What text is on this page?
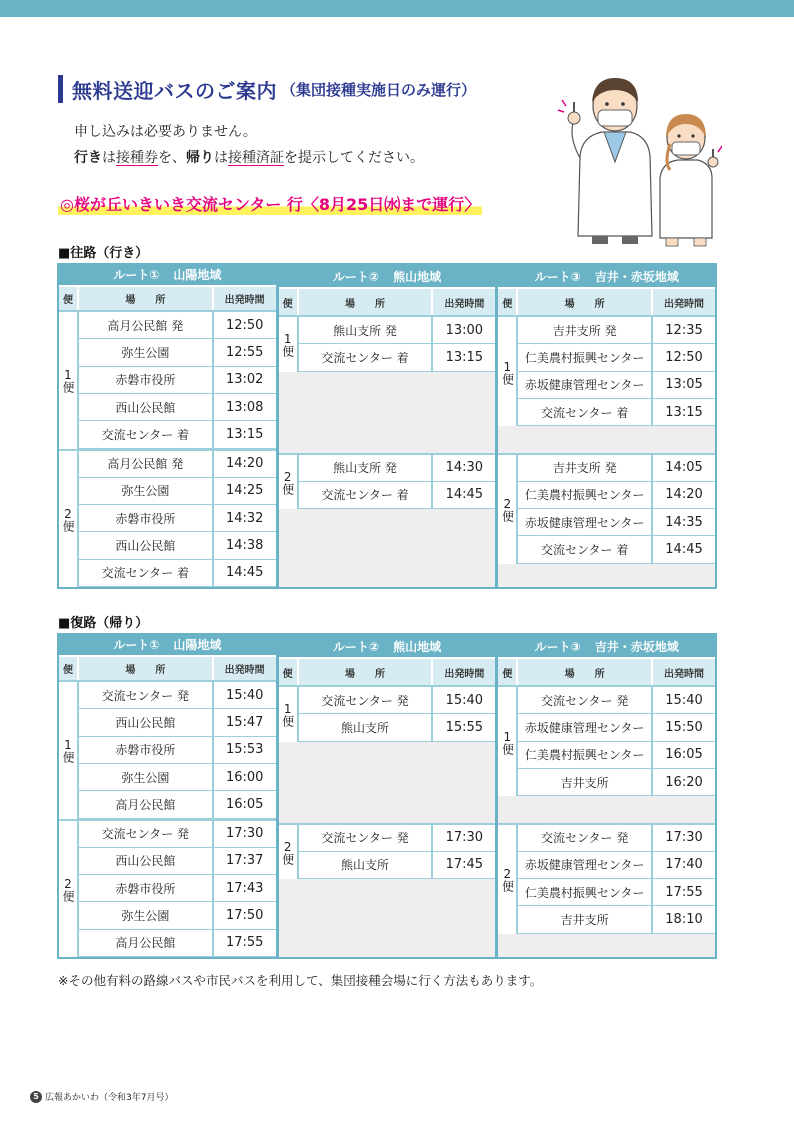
無料送迎バスのご案内 （集団接種実施日のみ運行）
申し込みは必要ありません。
行きは接種券を、帰りは接種済証を提示してください。
◎桜が丘いきいき交流センター 行〈8月25日㈬まで運行〉
■往路（行き）
ルート① 山陽地域
便	場　　所	出発時間
1便
高月公民館 発	12:50
弥生公園	12:55
赤磐市役所	13:02
西山公民館	13:08
交流センター 着	13:15
2便
高月公民館 発	14:20
弥生公園	14:25
赤磐市役所	14:32
西山公民館	14:38
交流センター 着	14:45
ルート② 熊山地域
便	場　　所	出発時間
1便
熊山支所 発	13:00
交流センター 着	13:15
2便
熊山支所 発	14:30
交流センター 着	14:45
ルート③ 吉井・赤坂地域
便	場　　所	出発時間
1便
吉井支所 発	12:35
仁美農村振興センター	12:50
赤坂健康管理センター	13:05
交流センター 着	13:15
2便
吉井支所 発	14:05
仁美農村振興センター	14:20
赤坂健康管理センター	14:35
交流センター 着	14:45
■復路（帰り）
ルート① 山陽地域
便	場　　所	出発時間
1便
交流センター 発	15:40
西山公民館	15:47
赤磐市役所	15:53
弥生公園	16:00
高月公民館	16:05
2便
交流センター 発	17:30
西山公民館	17:37
赤磐市役所	17:43
弥生公園	17:50
高月公民館	17:55
ルート② 熊山地域
便	場　　所	出発時間
1便
交流センター 発	15:40
熊山支所	15:55
2便
交流センター 発	17:30
熊山支所	17:45
ルート③ 吉井・赤坂地域
便	場　　所	出発時間
1便
交流センター 発	15:40
赤坂健康管理センター	15:50
仁美農村振興センター	16:05
吉井支所	16:20
2便
交流センター 発	17:30
赤坂健康管理センター	17:40
仁美農村振興センター	17:55
吉井支所	18:10
※その他有料の路線バスや市民バスを利用して、集団接種会場に行く方法もあります。
5 広報あかいわ（令和3年7月号）
